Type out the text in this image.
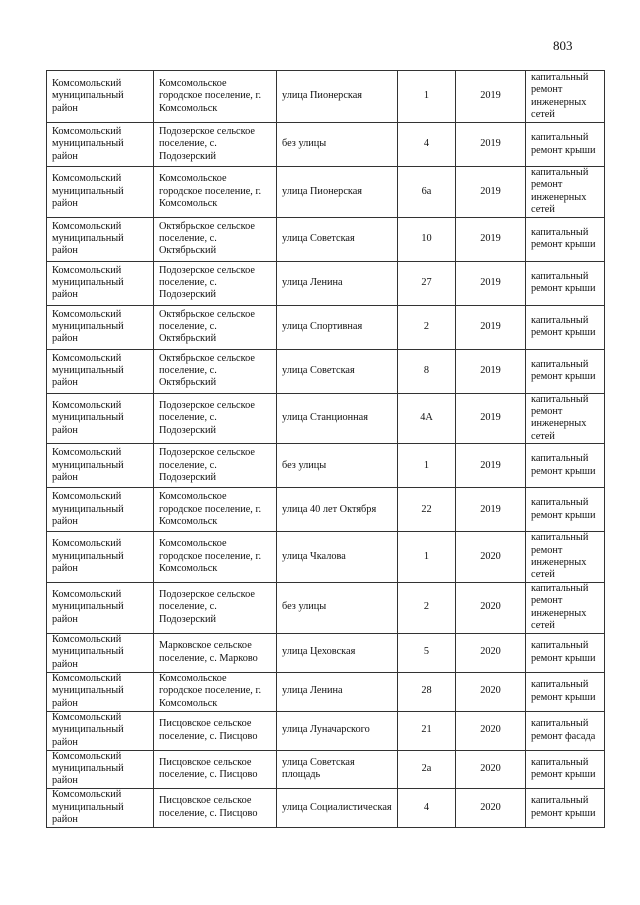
803
Комсомольский муниципальный район	Комсомольское городское поселение, г. Комсомольск	улица Пионерская	1	2019	капитальный ремонт инженерных сетей
Комсомольский муниципальный район	Подозерское сельское поселение, с. Подозерский	без улицы	4	2019	капитальный ремонт крыши
Комсомольский муниципальный район	Комсомольское городское поселение, г. Комсомольск	улица Пионерская	6а	2019	капитальный ремонт инженерных сетей
Комсомольский муниципальный район	Октябрьское сельское поселение, с. Октябрьский	улица Советская	10	2019	капитальный ремонт крыши
Комсомольский муниципальный район	Подозерское сельское поселение, с. Подозерский	улица Ленина	27	2019	капитальный ремонт крыши
Комсомольский муниципальный район	Октябрьское сельское поселение, с. Октябрьский	улица Спортивная	2	2019	капитальный ремонт крыши
Комсомольский муниципальный район	Октябрьское сельское поселение, с. Октябрьский	улица Советская	8	2019	капитальный ремонт крыши
Комсомольский муниципальный район	Подозерское сельское поселение, с. Подозерский	улица Станционная	4А	2019	капитальный ремонт инженерных сетей
Комсомольский муниципальный район	Подозерское сельское поселение, с. Подозерский	без улицы	1	2019	капитальный ремонт крыши
Комсомольский муниципальный район	Комсомольское городское поселение, г. Комсомольск	улица 40 лет Октября	22	2019	капитальный ремонт крыши
Комсомольский муниципальный район	Комсомольское городское поселение, г. Комсомольск	улица Чкалова	1	2020	капитальный ремонт инженерных сетей
Комсомольский муниципальный район	Подозерское сельское поселение, с. Подозерский	без улицы	2	2020	капитальный ремонт инженерных сетей
Комсомольский муниципальный район	Марковское сельское поселение, с. Марково	улица Цеховская	5	2020	капитальный ремонт крыши
Комсомольский муниципальный район	Комсомольское городское поселение, г. Комсомольск	улица Ленина	28	2020	капитальный ремонт крыши
Комсомольский муниципальный район	Писцовское сельское поселение, с. Писцово	улица Луначарского	21	2020	капитальный ремонт фасада
Комсомольский муниципальный район	Писцовское сельское поселение, с. Писцово	улица Советская площадь	2а	2020	капитальный ремонт крыши
Комсомольский муниципальный район	Писцовское сельское поселение, с. Писцово	улица Социалистическая	4	2020	капитальный ремонт крыши
